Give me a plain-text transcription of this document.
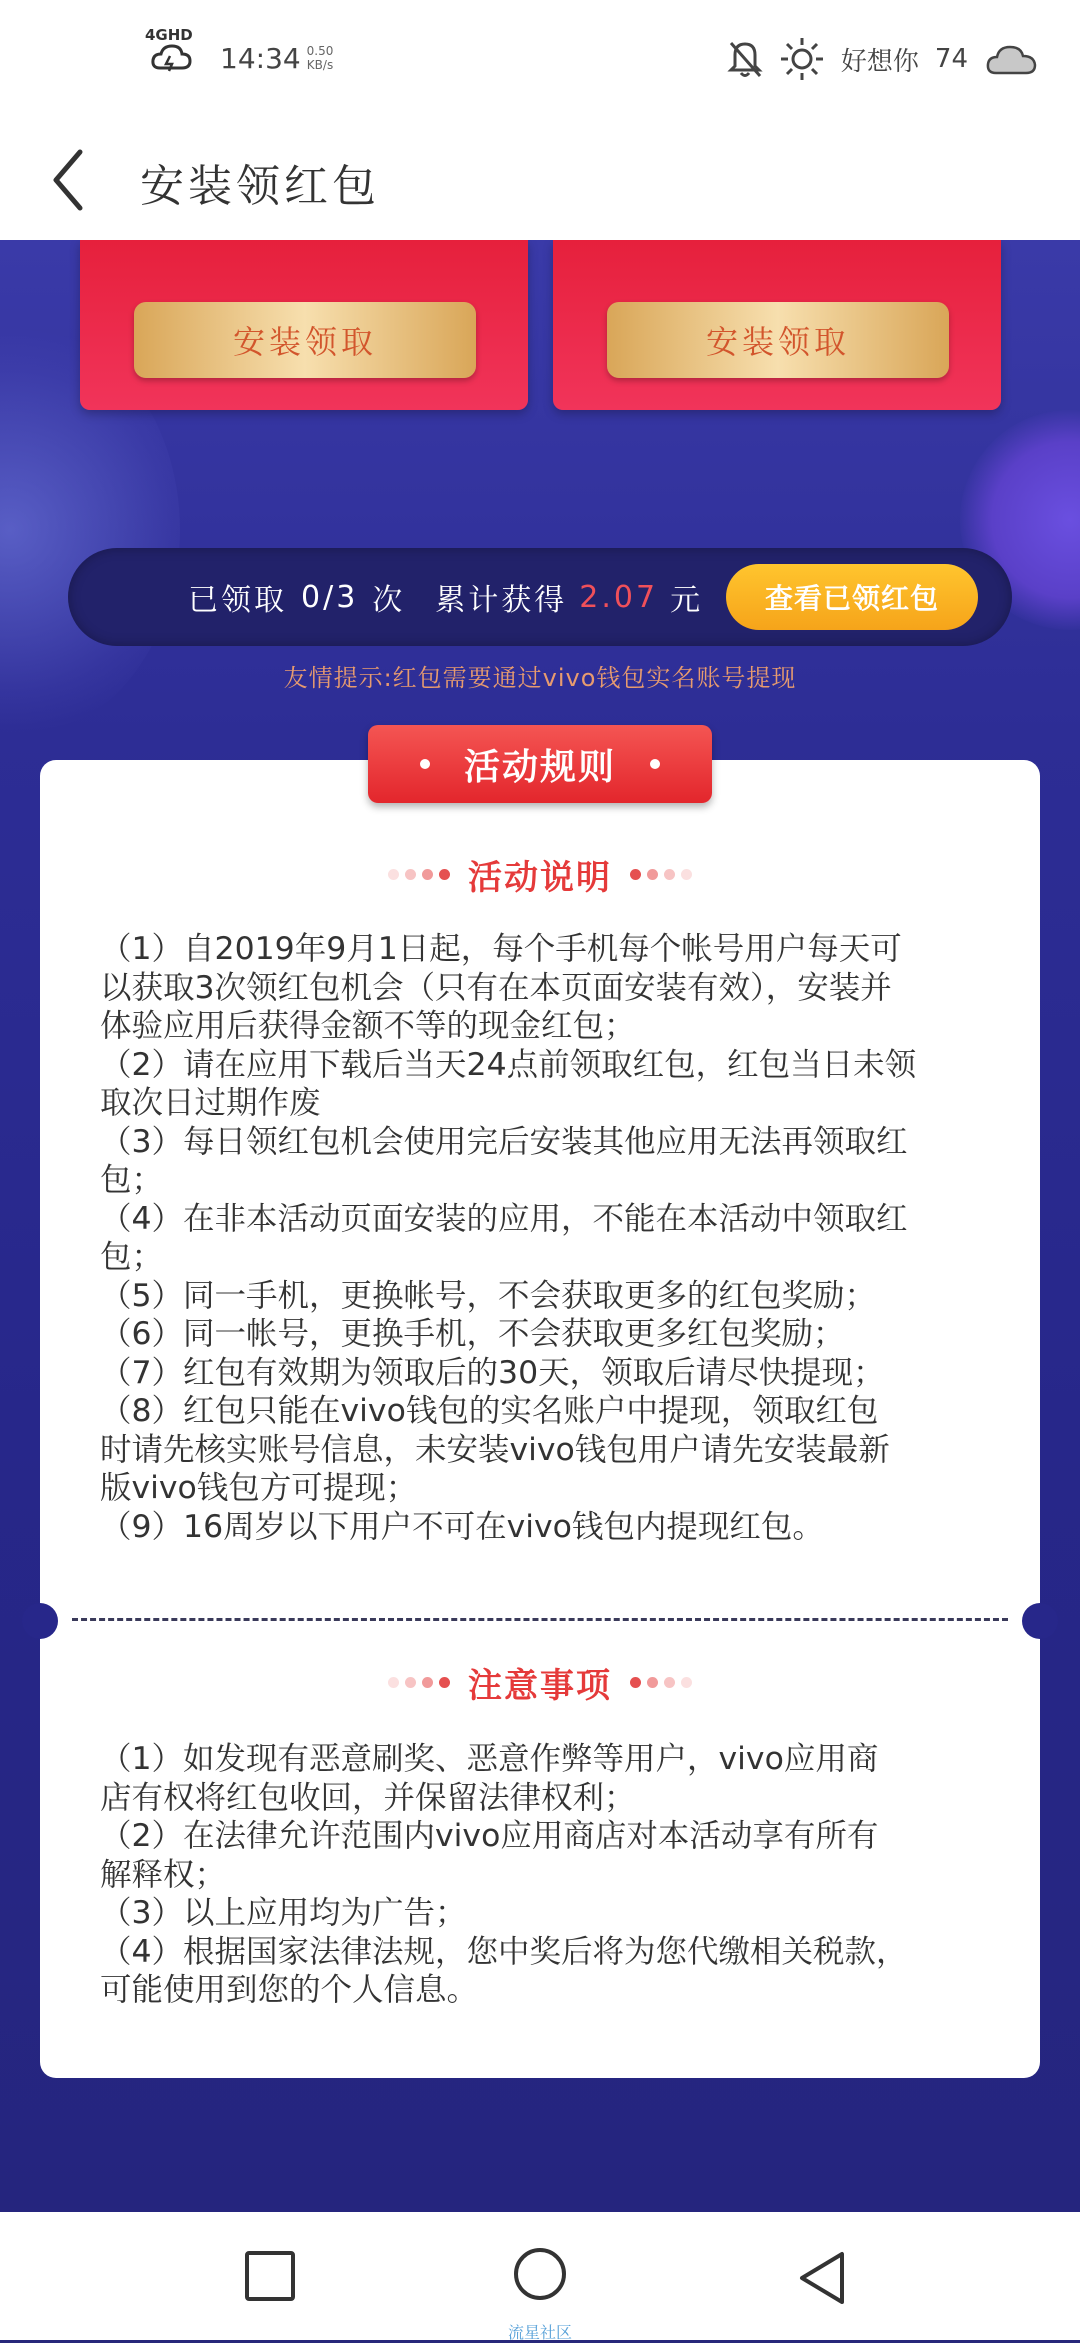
4GHD
14:34 0.50
KB/s	好想你 74
安装领红包
安装领取	安装领取
已领取 0/3 次 累计获得 2.07 元	查看已领红包
友情提示:红包需要通过vivo钱包实名账号提现
活动规则
活动说明
（1）自2019年9月1日起，每个手机每个帐号用户每天可
以获取3次领红包机会（只有在本页面安装有效），安装并
体验应用后获得金额不等的现金红包；
（2）请在应用下载后当天24点前领取红包，红包当日未领
取次日过期作废
（3）每日领红包机会使用完后安装其他应用无法再领取红
包；
（4）在非本活动页面安装的应用，不能在本活动中领取红
包；
（5）同一手机，更换帐号，不会获取更多的红包奖励；
（6）同一帐号，更换手机，不会获取更多红包奖励；
（7）红包有效期为领取后的30天，领取后请尽快提现；
（8）红包只能在vivo钱包的实名账户中提现，领取红包
时请先核实账号信息，未安装vivo钱包用户请先安装最新
版vivo钱包方可提现；
（9）16周岁以下用户不可在vivo钱包内提现红包。
注意事项
（1）如发现有恶意刷奖、恶意作弊等用户，vivo应用商
店有权将红包收回，并保留法律权利；
（2）在法律允许范围内vivo应用商店对本活动享有所有
解释权；
（3）以上应用均为广告；
（4）根据国家法律法规，您中奖后将为您代缴相关税款，
可能使用到您的个人信息。
流星社区
